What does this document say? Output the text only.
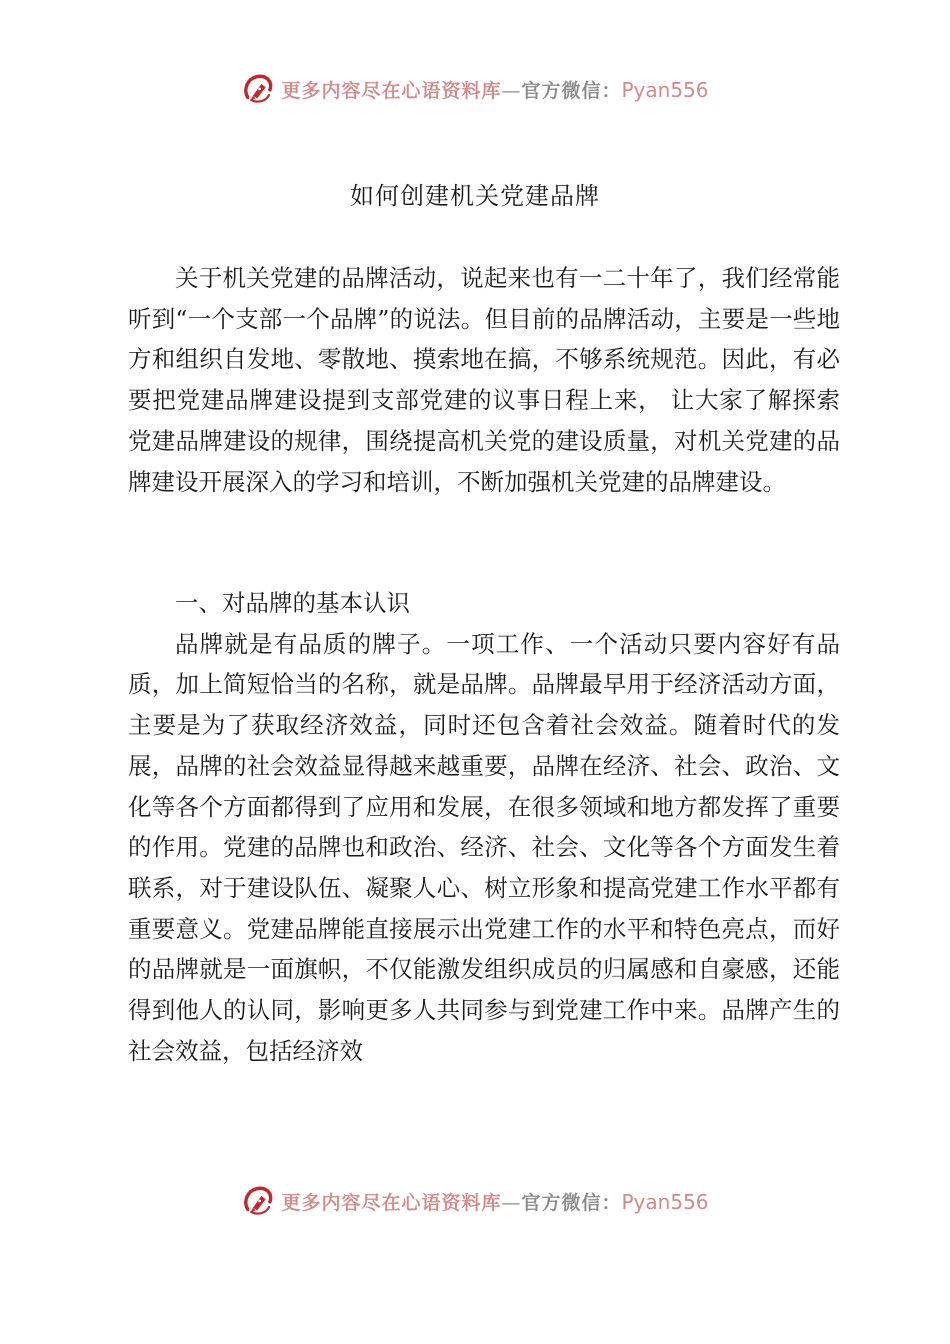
更多内容尽在心语资料库—官方微信：Pyan556
如何创建机关党建品牌

关于机关党建的品牌活动，说起来也有一二十年了，我们经常能听到“一个支部一个品牌”的说法。但目前的品牌活动，主要是一些地方和组织自发地、零散地、摸索地在搞，不够系统规范。因此，有必要把党建品牌建设提到支部党建的议事日程上来， 让大家了解探索党建品牌建设的规律，围绕提高机关党的建设质量，对机关党建的品牌建设开展深入的学习和培训，不断加强机关党建的品牌建设。

一、对品牌的基本认识

品牌就是有品质的牌子。一项工作、一个活动只要内容好有品质，加上简短恰当的名称，就是品牌。品牌最早用于经济活动方面，主要是为了获取经济效益，同时还包含着社会效益。随着时代的发展，品牌的社会效益显得越来越重要，品牌在经济、社会、政治、文化等各个方面都得到了应用和发展，在很多领域和地方都发挥了重要的作用。党建的品牌也和政治、经济、社会、文化等各个方面发生着联系，对于建设队伍、凝聚人心、树立形象和提高党建工作水平都有重要意义。党建品牌能直接展示出党建工作的水平和特色亮点，而好的品牌就是一面旗帜，不仅能激发组织成员的归属感和自豪感，还能得到他人的认同，影响更多人共同参与到党建工作中来。品牌产生的社会效益，包括经济效

更多内容尽在心语资料库—官方微信：Pyan556
